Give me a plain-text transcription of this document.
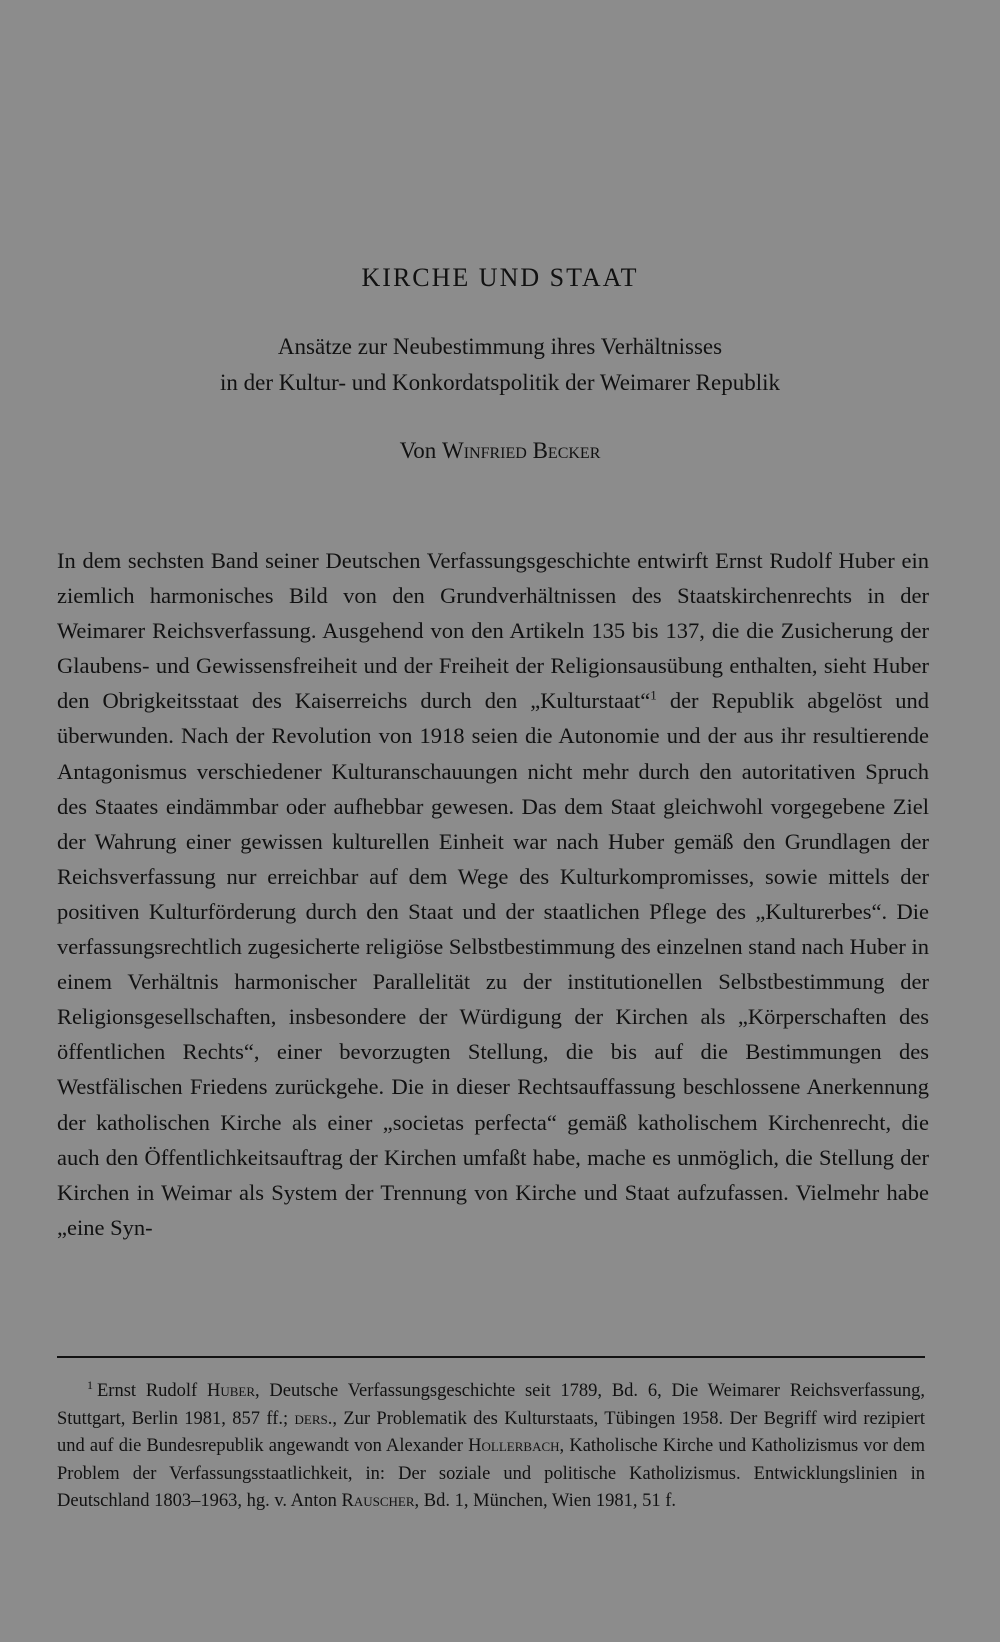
KIRCHE UND STAAT
Ansätze zur Neubestimmung ihres Verhältnisses
in der Kultur- und Konkordatspolitik der Weimarer Republik
Von Winfried Becker

In dem sechsten Band seiner Deutschen Verfassungsgeschichte entwirft Ernst Rudolf Huber ein ziemlich harmonisches Bild von den Grundverhältnissen des Staatskirchenrechts in der Weimarer Reichsverfassung. Ausgehend von den Artikeln 135 bis 137, die die Zusicherung der Glaubens- und Gewissensfreiheit und der Freiheit der Religionsausübung enthalten, sieht Huber den Obrigkeitsstaat des Kaiserreichs durch den „Kulturstaat“$^1$ der Republik abgelöst und überwunden. Nach der Revolution von 1918 seien die Autonomie und der aus ihr resultierende Antagonismus verschiedener Kulturanschauungen nicht mehr durch den autoritativen Spruch des Staates eindämmbar oder aufhebbar gewesen. Das dem Staat gleichwohl vorgegebene Ziel der Wahrung einer gewissen kulturellen Einheit war nach Huber gemäß den Grundlagen der Reichsverfassung nur erreichbar auf dem Wege des Kulturkompromisses, sowie mittels der positiven Kulturförderung durch den Staat und der staatlichen Pflege des „Kulturerbes“. Die verfassungsrechtlich zugesicherte religiöse Selbstbestimmung des einzelnen stand nach Huber in einem Verhältnis harmonischer Parallelität zu der institutionellen Selbstbestimmung der Religionsgesellschaften, insbesondere der Würdigung der Kirchen als „Körperschaften des öffentlichen Rechts“, einer bevorzugten Stellung, die bis auf die Bestimmungen des Westfälischen Friedens zurückgehe. Die in dieser Rechtsauffassung beschlossene Anerkennung der katholischen Kirche als einer „societas perfecta“ gemäß katholischem Kirchenrecht, die auch den Öffentlichkeitsauftrag der Kirchen umfaßt habe, mache es unmöglich, die Stellung der Kirchen in Weimar als System der Trennung von Kirche und Staat aufzufassen. Vielmehr habe „eine Syn-

$^1$ Ernst Rudolf Huber, Deutsche Verfassungsgeschichte seit 1789, Bd. 6, Die Weimarer Reichsverfassung, Stuttgart, Berlin 1981, 857 ff.; ders., Zur Problematik des Kulturstaats, Tübingen 1958. Der Begriff wird rezipiert und auf die Bundesrepublik angewandt von Alexander Hollerbach, Katholische Kirche und Katholizismus vor dem Problem der Verfassungsstaatlichkeit, in: Der soziale und politische Katholizismus. Entwicklungslinien in Deutschland 1803–1963, hg. v. Anton Rauscher, Bd. 1, München, Wien 1981, 51 f.
